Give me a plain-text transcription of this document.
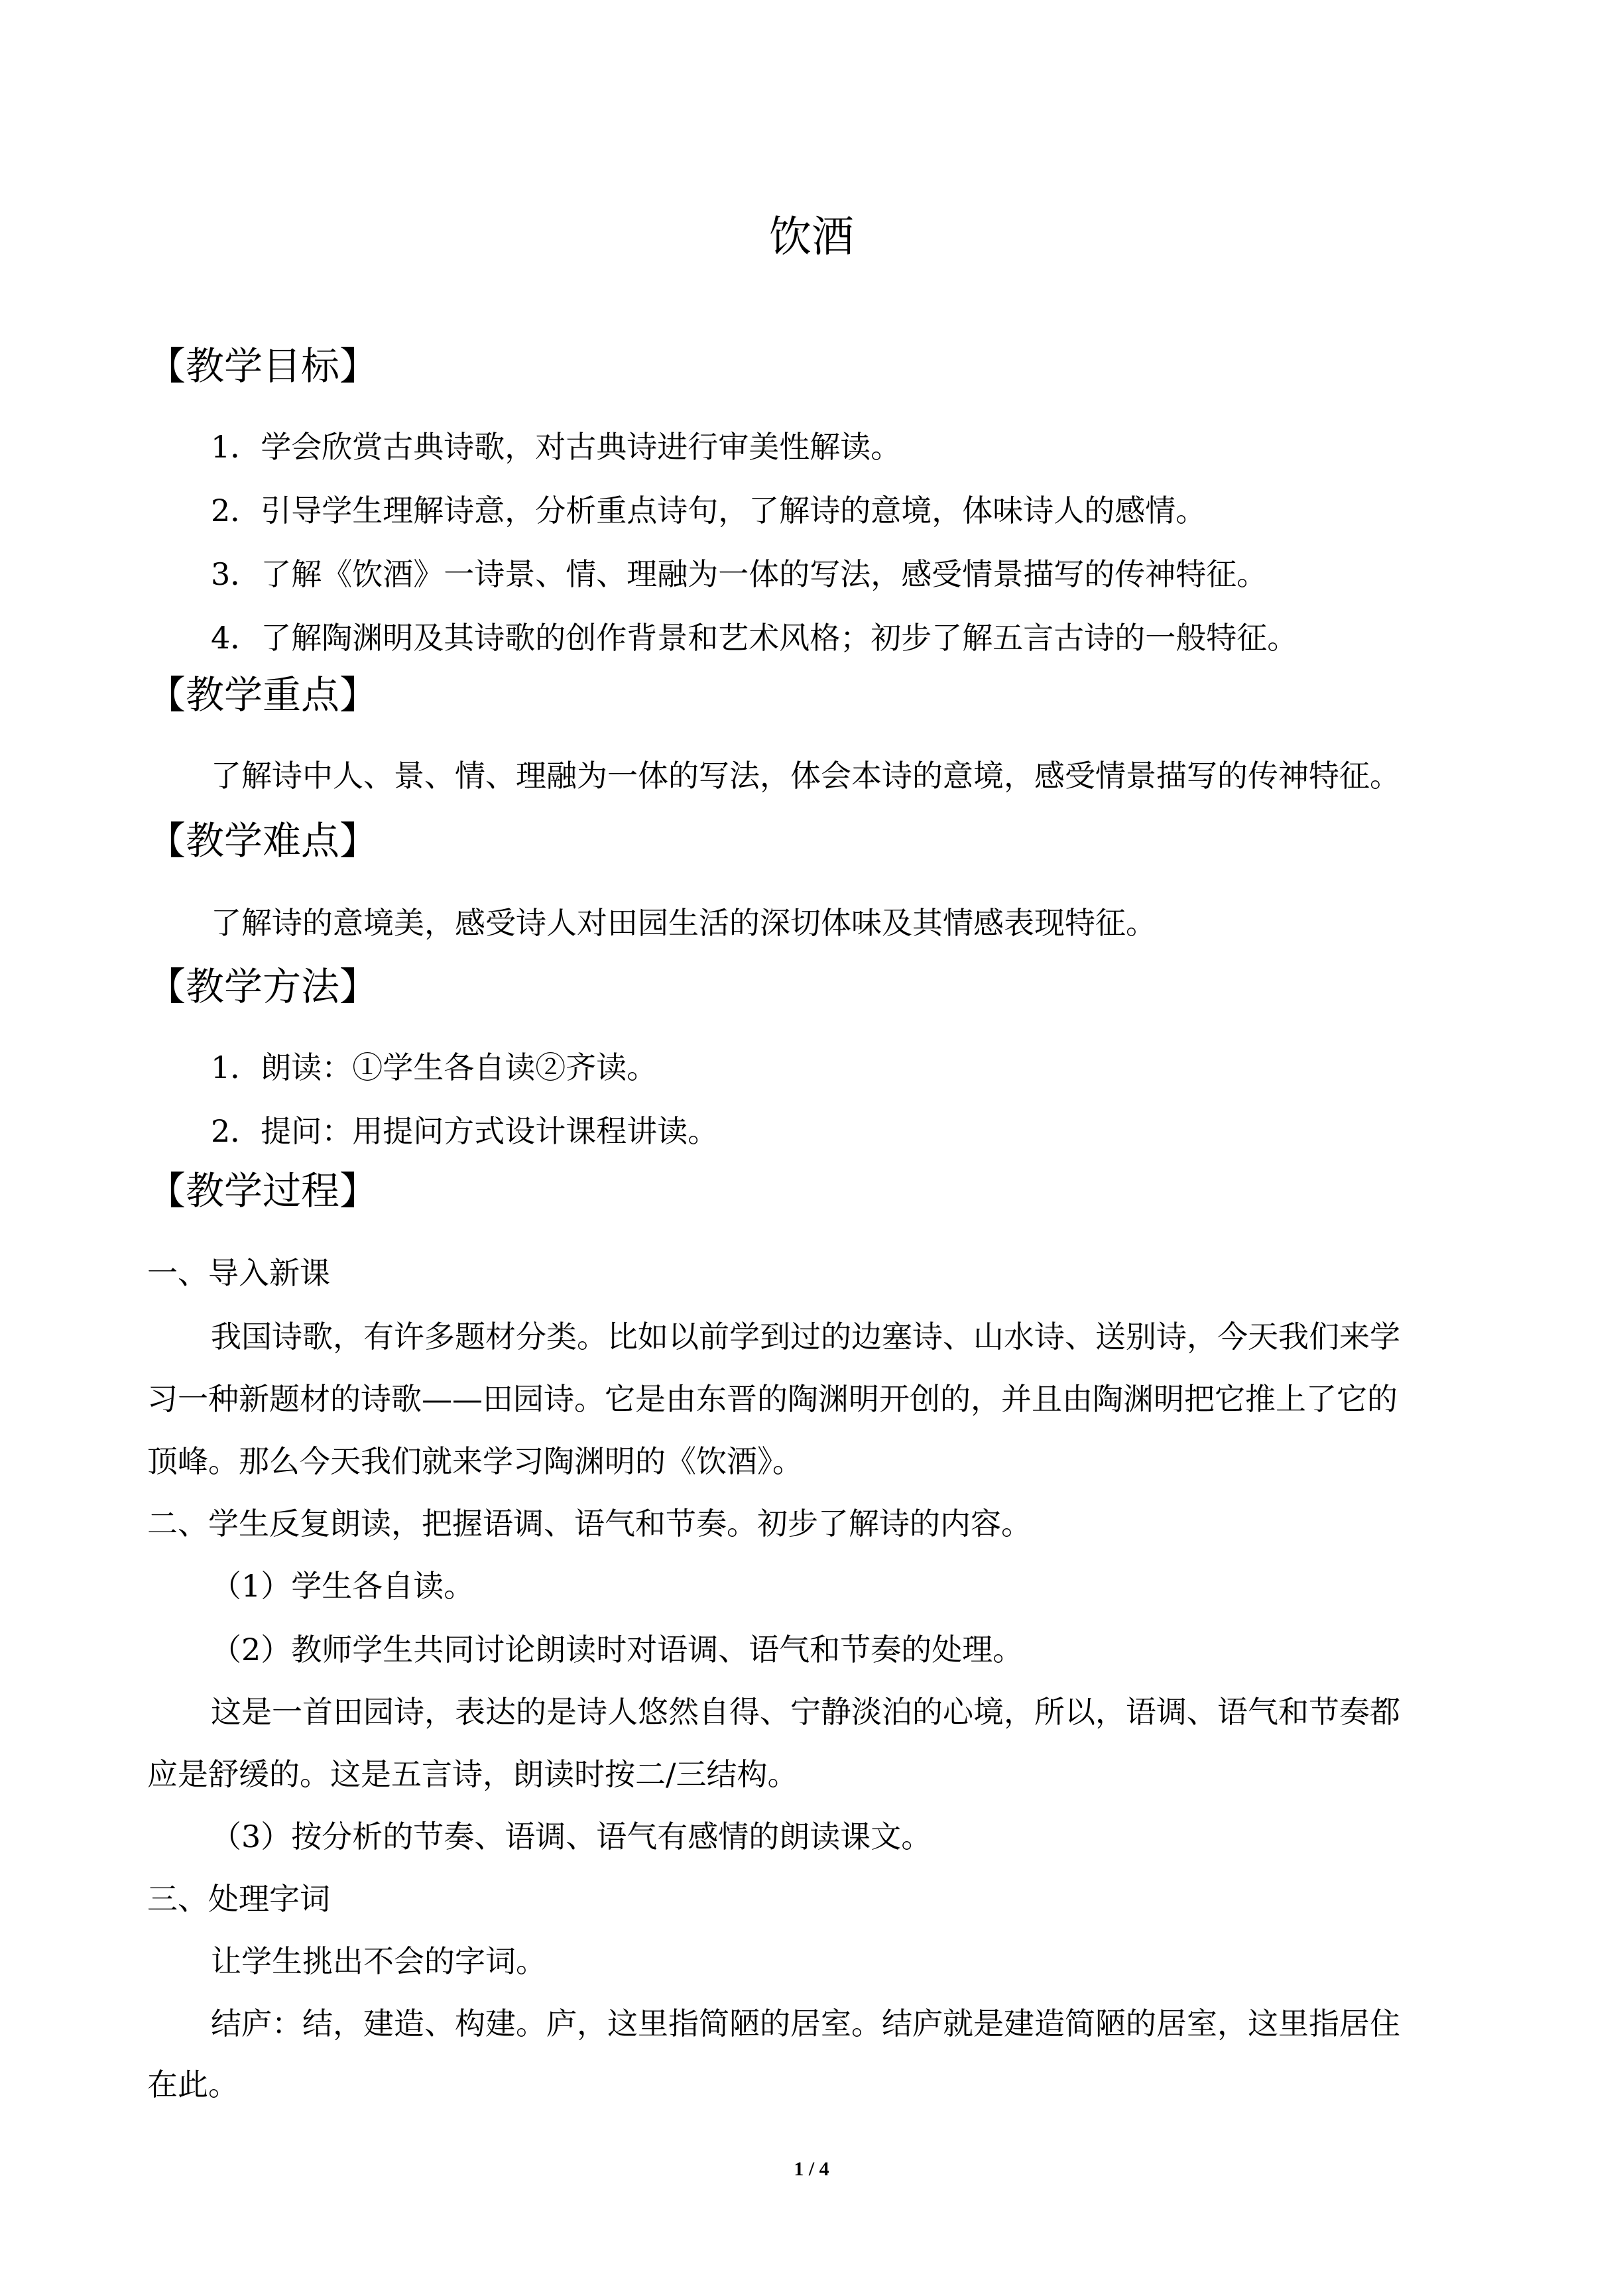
饮酒
【教学目标】
1．学会欣赏古典诗歌，对古典诗进行审美性解读。
2．引导学生理解诗意，分析重点诗句，了解诗的意境，体味诗人的感情。
3．了解《饮酒》一诗景、情、理融为一体的写法，感受情景描写的传神特征。
4．了解陶渊明及其诗歌的创作背景和艺术风格；初步了解五言古诗的一般特征。
【教学重点】
了解诗中人、景、情、理融为一体的写法，体会本诗的意境，感受情景描写的传神特征。
【教学难点】
了解诗的意境美，感受诗人对田园生活的深切体味及其情感表现特征。
【教学方法】
1．朗读：①学生各自读②齐读。
2．提问：用提问方式设计课程讲读。
【教学过程】
一、导入新课
我国诗歌，有许多题材分类。比如以前学到过的边塞诗、山水诗、送别诗，今天我们来学
习一种新题材的诗歌——田园诗。它是由东晋的陶渊明开创的，并且由陶渊明把它推上了它的
顶峰。那么今天我们就来学习陶渊明的《饮酒》。
二、学生反复朗读，把握语调、语气和节奏。初步了解诗的内容。
（1）学生各自读。
（2）教师学生共同讨论朗读时对语调、语气和节奏的处理。
这是一首田园诗，表达的是诗人悠然自得、宁静淡泊的心境，所以，语调、语气和节奏都
应是舒缓的。这是五言诗，朗读时按二/三结构。
（3）按分析的节奏、语调、语气有感情的朗读课文。
三、处理字词
让学生挑出不会的字词。
结庐：结，建造、构建。庐，这里指简陋的居室。结庐就是建造简陋的居室，这里指居住
在此。
1 / 4
